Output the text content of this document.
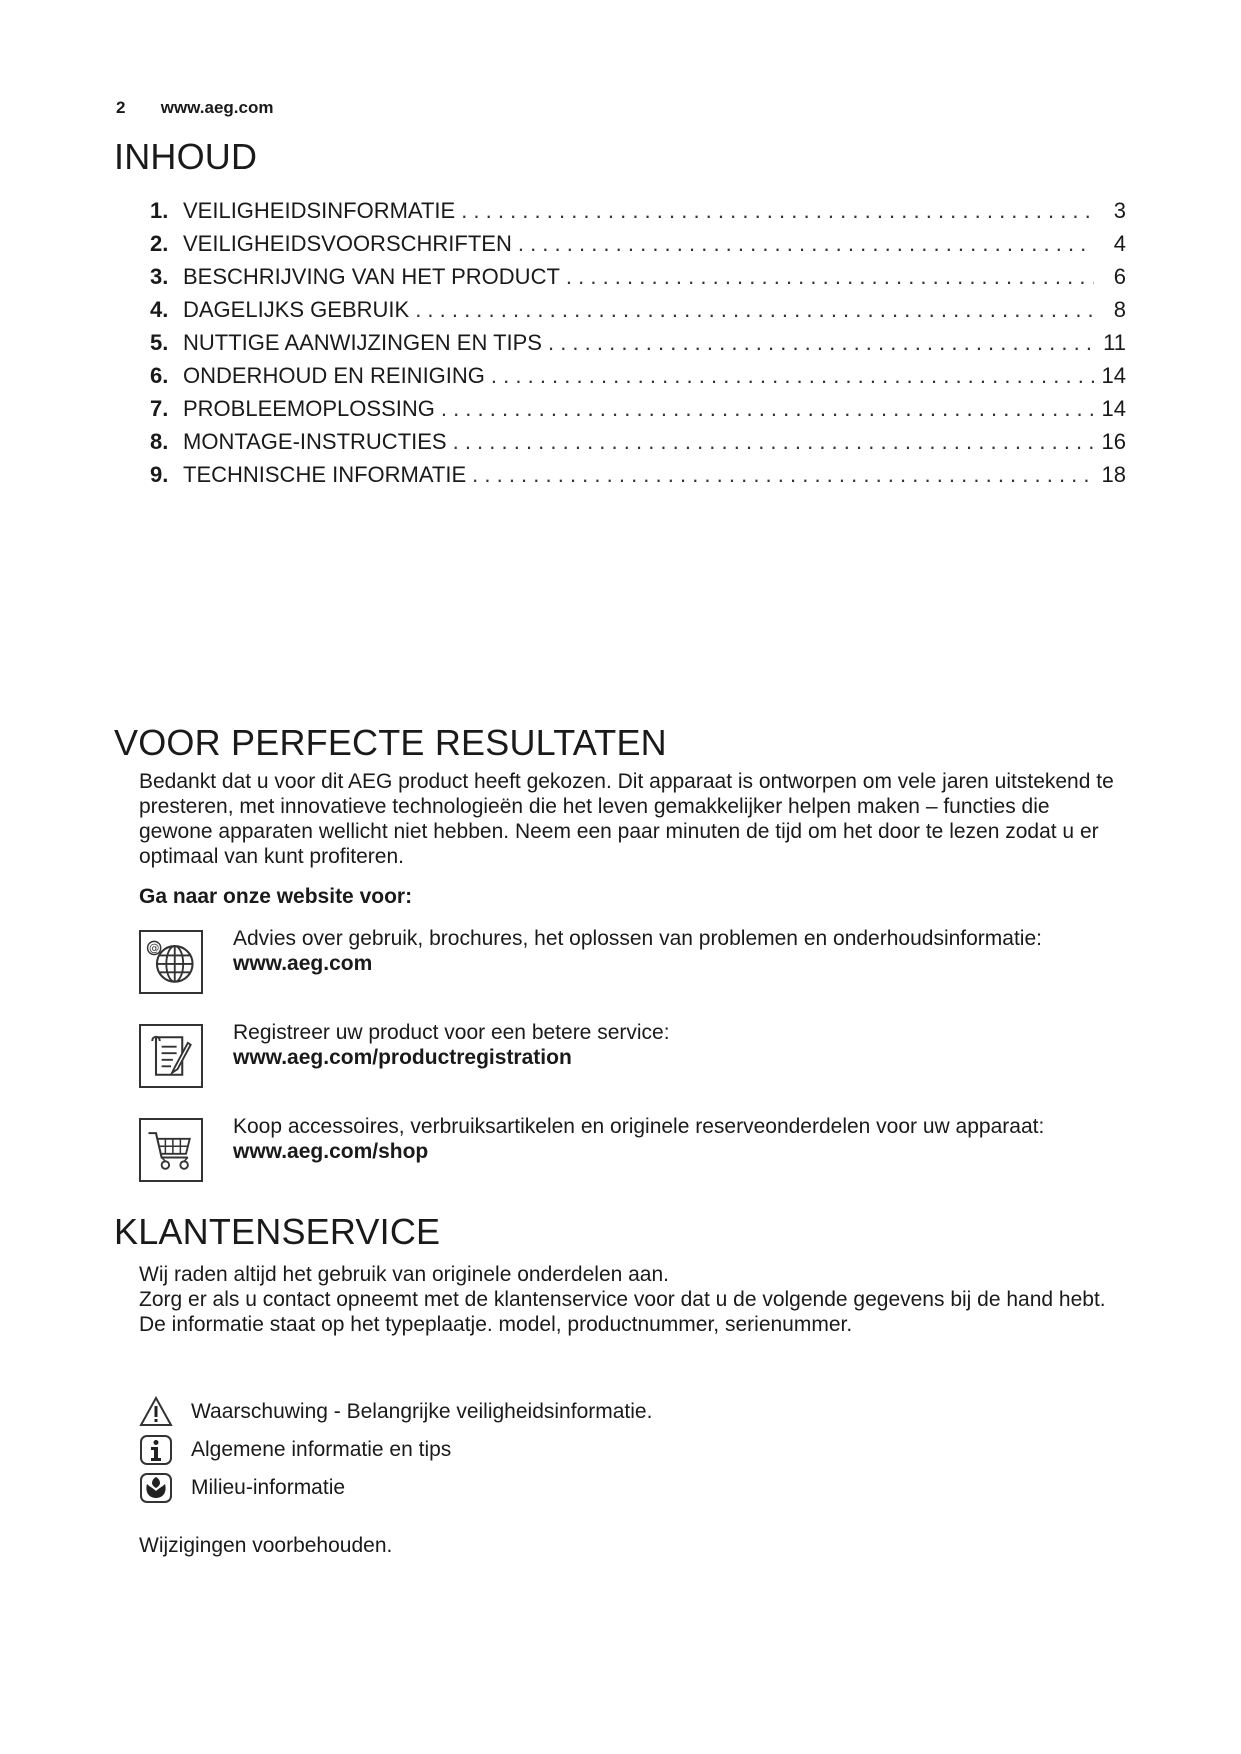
2 www.aeg.com
INHOUD
1. VEILIGHEIDSINFORMATIE . . .	3
2. VEILIGHEIDSVOORSCHRIFTEN . . .	4
3. BESCHRIJVING VAN HET PRODUCT . . .	6
4. DAGELIJKS GEBRUIK . . .	8
5. NUTTIGE AANWIJZINGEN EN TIPS . . .	11
6. ONDERHOUD EN REINIGING . . .	14
7. PROBLEEMOPLOSSING . . .	14
8. MONTAGE-INSTRUCTIES . . .	16
9. TECHNISCHE INFORMATIE . . .	18
VOOR PERFECTE RESULTATEN

Bedankt dat u voor dit AEG product heeft gekozen. Dit apparaat is ontworpen om vele jaren uitstekend te presteren, met innovatieve technologieën die het leven gemakkelijker helpen maken – functies die gewone apparaten wellicht niet hebben. Neem een paar minuten de tijd om het door te lezen zodat u er optimaal van kunt profiteren.

Ga naar onze website voor:

@	Advies over gebruik, brochures, het oplossen van problemen en onderhoudsinformatie:
www.aeg.com
Registreer uw product voor een betere service:
www.aeg.com/productregistration
Koop accessoires, verbruiksartikelen en originele reserveonderdelen voor uw apparaat:
www.aeg.com/shop
KLANTENSERVICE

Wij raden altijd het gebruik van originele onderdelen aan.

Zorg er als u contact opneemt met de klantenservice voor dat u de volgende gegevens bij de hand hebt.

De informatie staat op het typeplaatje. model, productnummer, serienummer.

Waarschuwing - Belangrijke veiligheidsinformatie.
Algemene informatie en tips
Milieu-informatie

Wijzigingen voorbehouden.
